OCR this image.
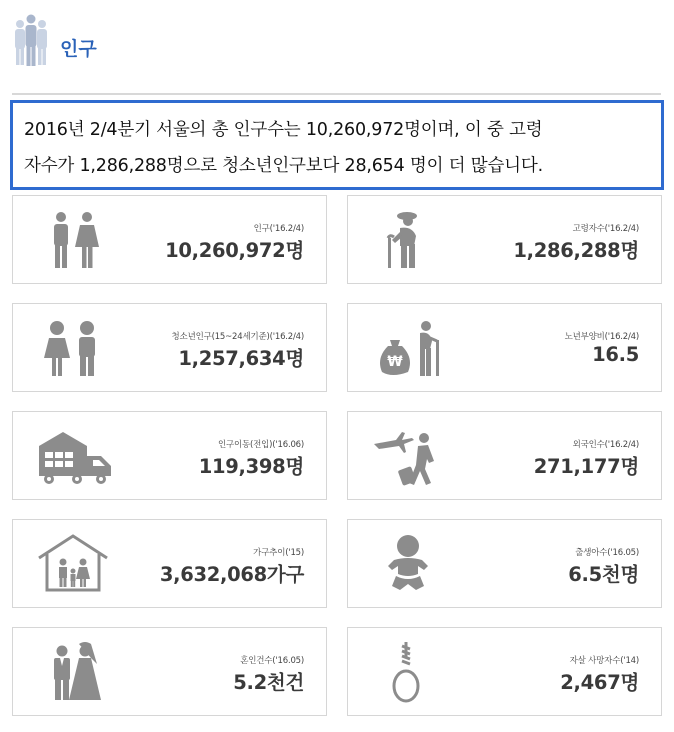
인구

2016년 2/4분기 서울의 총 인구수는 10,260,972명이며, 이 중 고령

자수가 1,286,288명으로 청소년인구보다 28,654 명이 더 많습니다.

인구('16.2/4)
10,260,972명
고령자수('16.2/4)
1,286,288명
청소년인구(15~24세기준)('16.2/4)
1,257,634명	₩
노년부양비('16.2/4)
16.5
인구이동(전입)('16.06)
119,398명
외국인수('16.2/4)
271,177명
가구추이('15)
3,632,068가구
출생아수('16.05)
6.5천명
혼인건수('16.05)
5.2천건
자살 사망자수('14)
2,467명
